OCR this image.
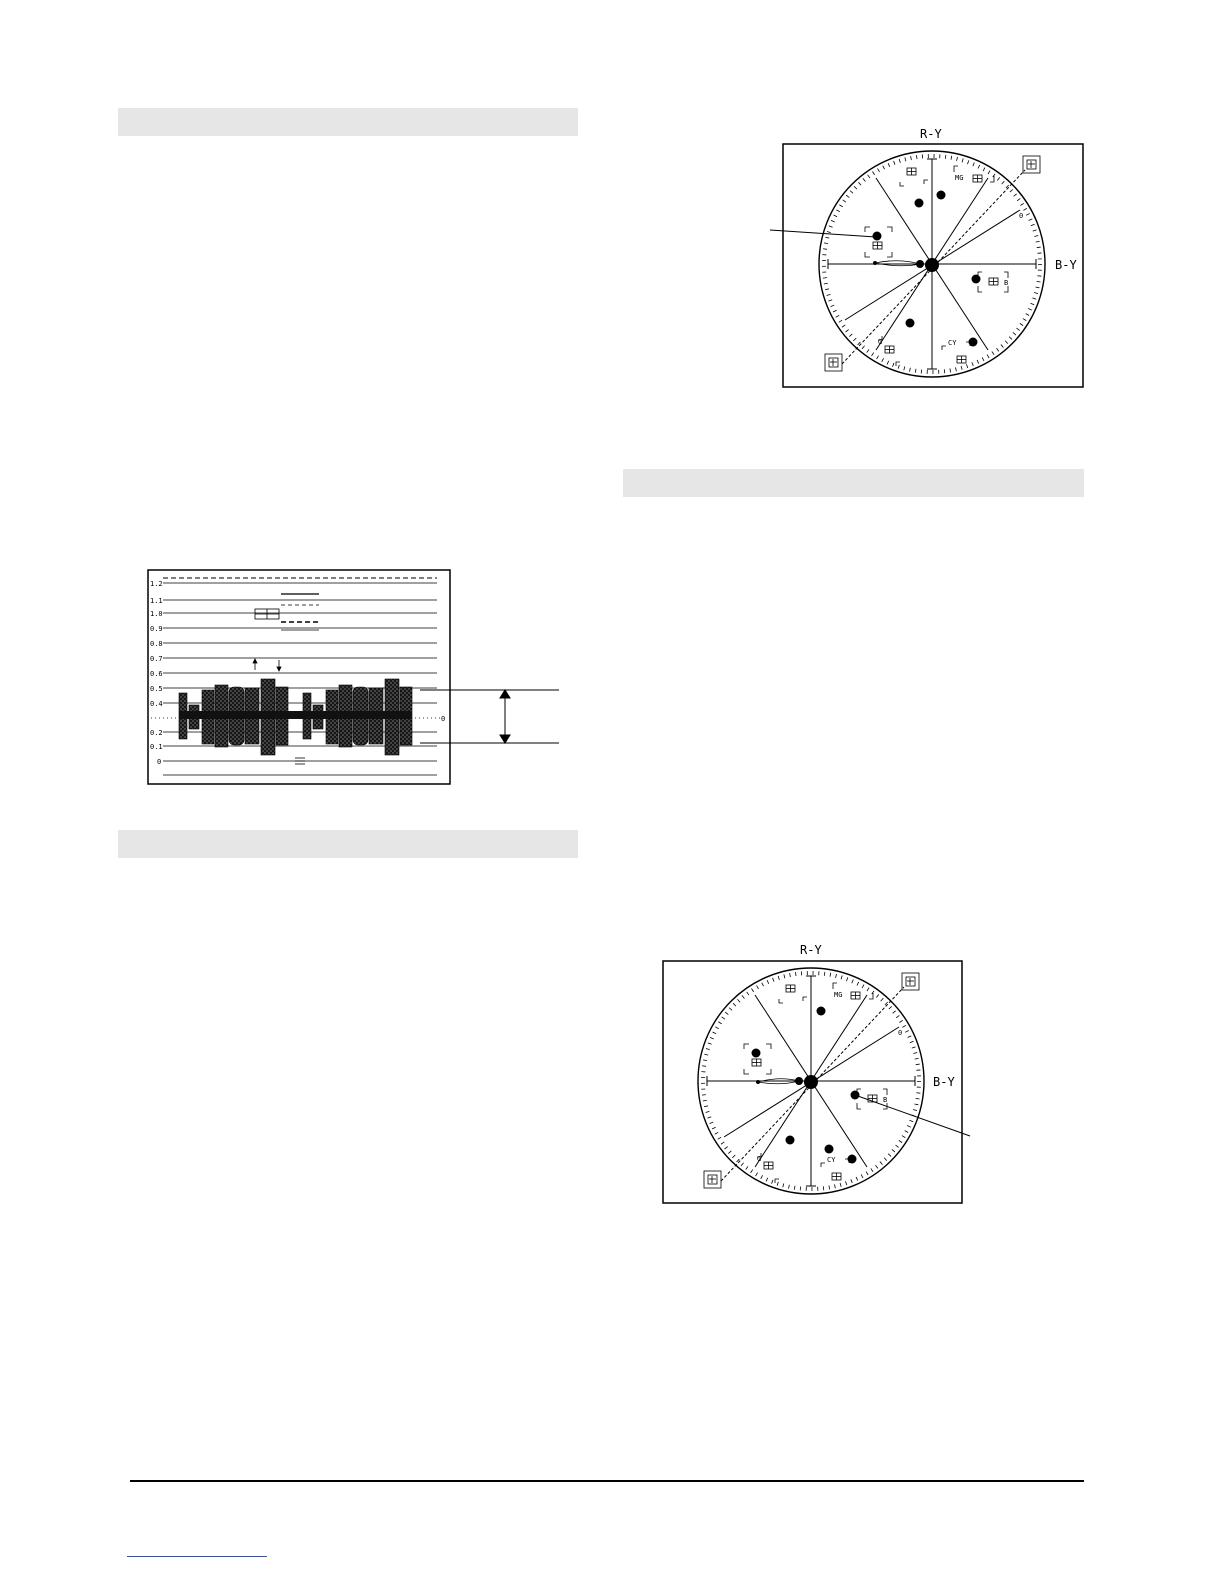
1.2
1.1
1.0
0.9
0.8
0.7
0.6
0.5
0.4
0.2
0.1
0
0
R-Y
B-Y
MG
B
CY
G
0
R-Y
B-Y
MG
B
CY
G
0
